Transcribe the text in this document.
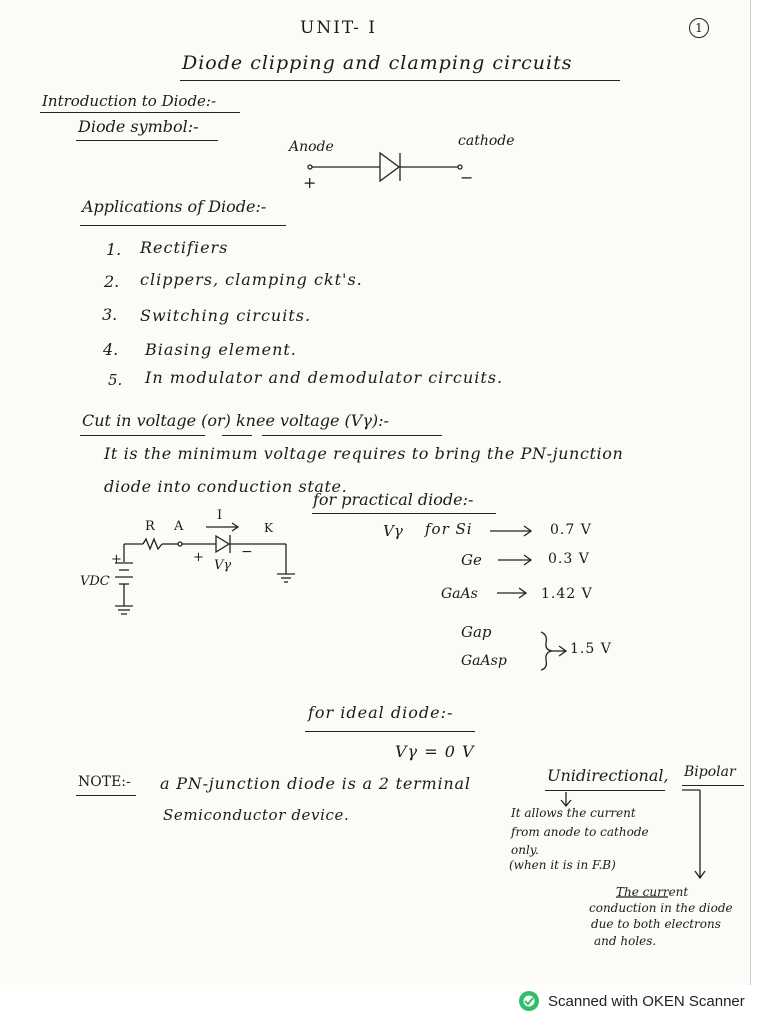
UNIT- I	1
Diode clipping and clamping circuits
Introduction to Diode:-
Diode symbol:-
Anode	cathode
+	−
Applications of Diode:-
1. Rectifiers
2. clippers, clamping ckt's.
3. Switching circuits.
4. Biasing element.
5. In modulator and demodulator circuits.
Cut in voltage (or) knee voltage (Vγ):-
It is the minimum voltage requires to bring the PN-junction
diode into conduction state.
R A
I
K
+	−
Vγ
+
VDC
for practical diode:-
Vγ for Si	0.7 V
Ge	0.3 V
GaAs	1.42 V
Gap
GaAsp
1.5 V
for ideal diode:-
Vγ = 0 V
NOTE:- a PN-junction diode is a 2 terminal	Unidirectional, Bipolar
Semiconductor device.	It allows the current
from anode to cathode
only.
(when it is in F.B)
The current
conduction in the diode
due to both electrons
and holes.
Scanned with OKEN Scanner
